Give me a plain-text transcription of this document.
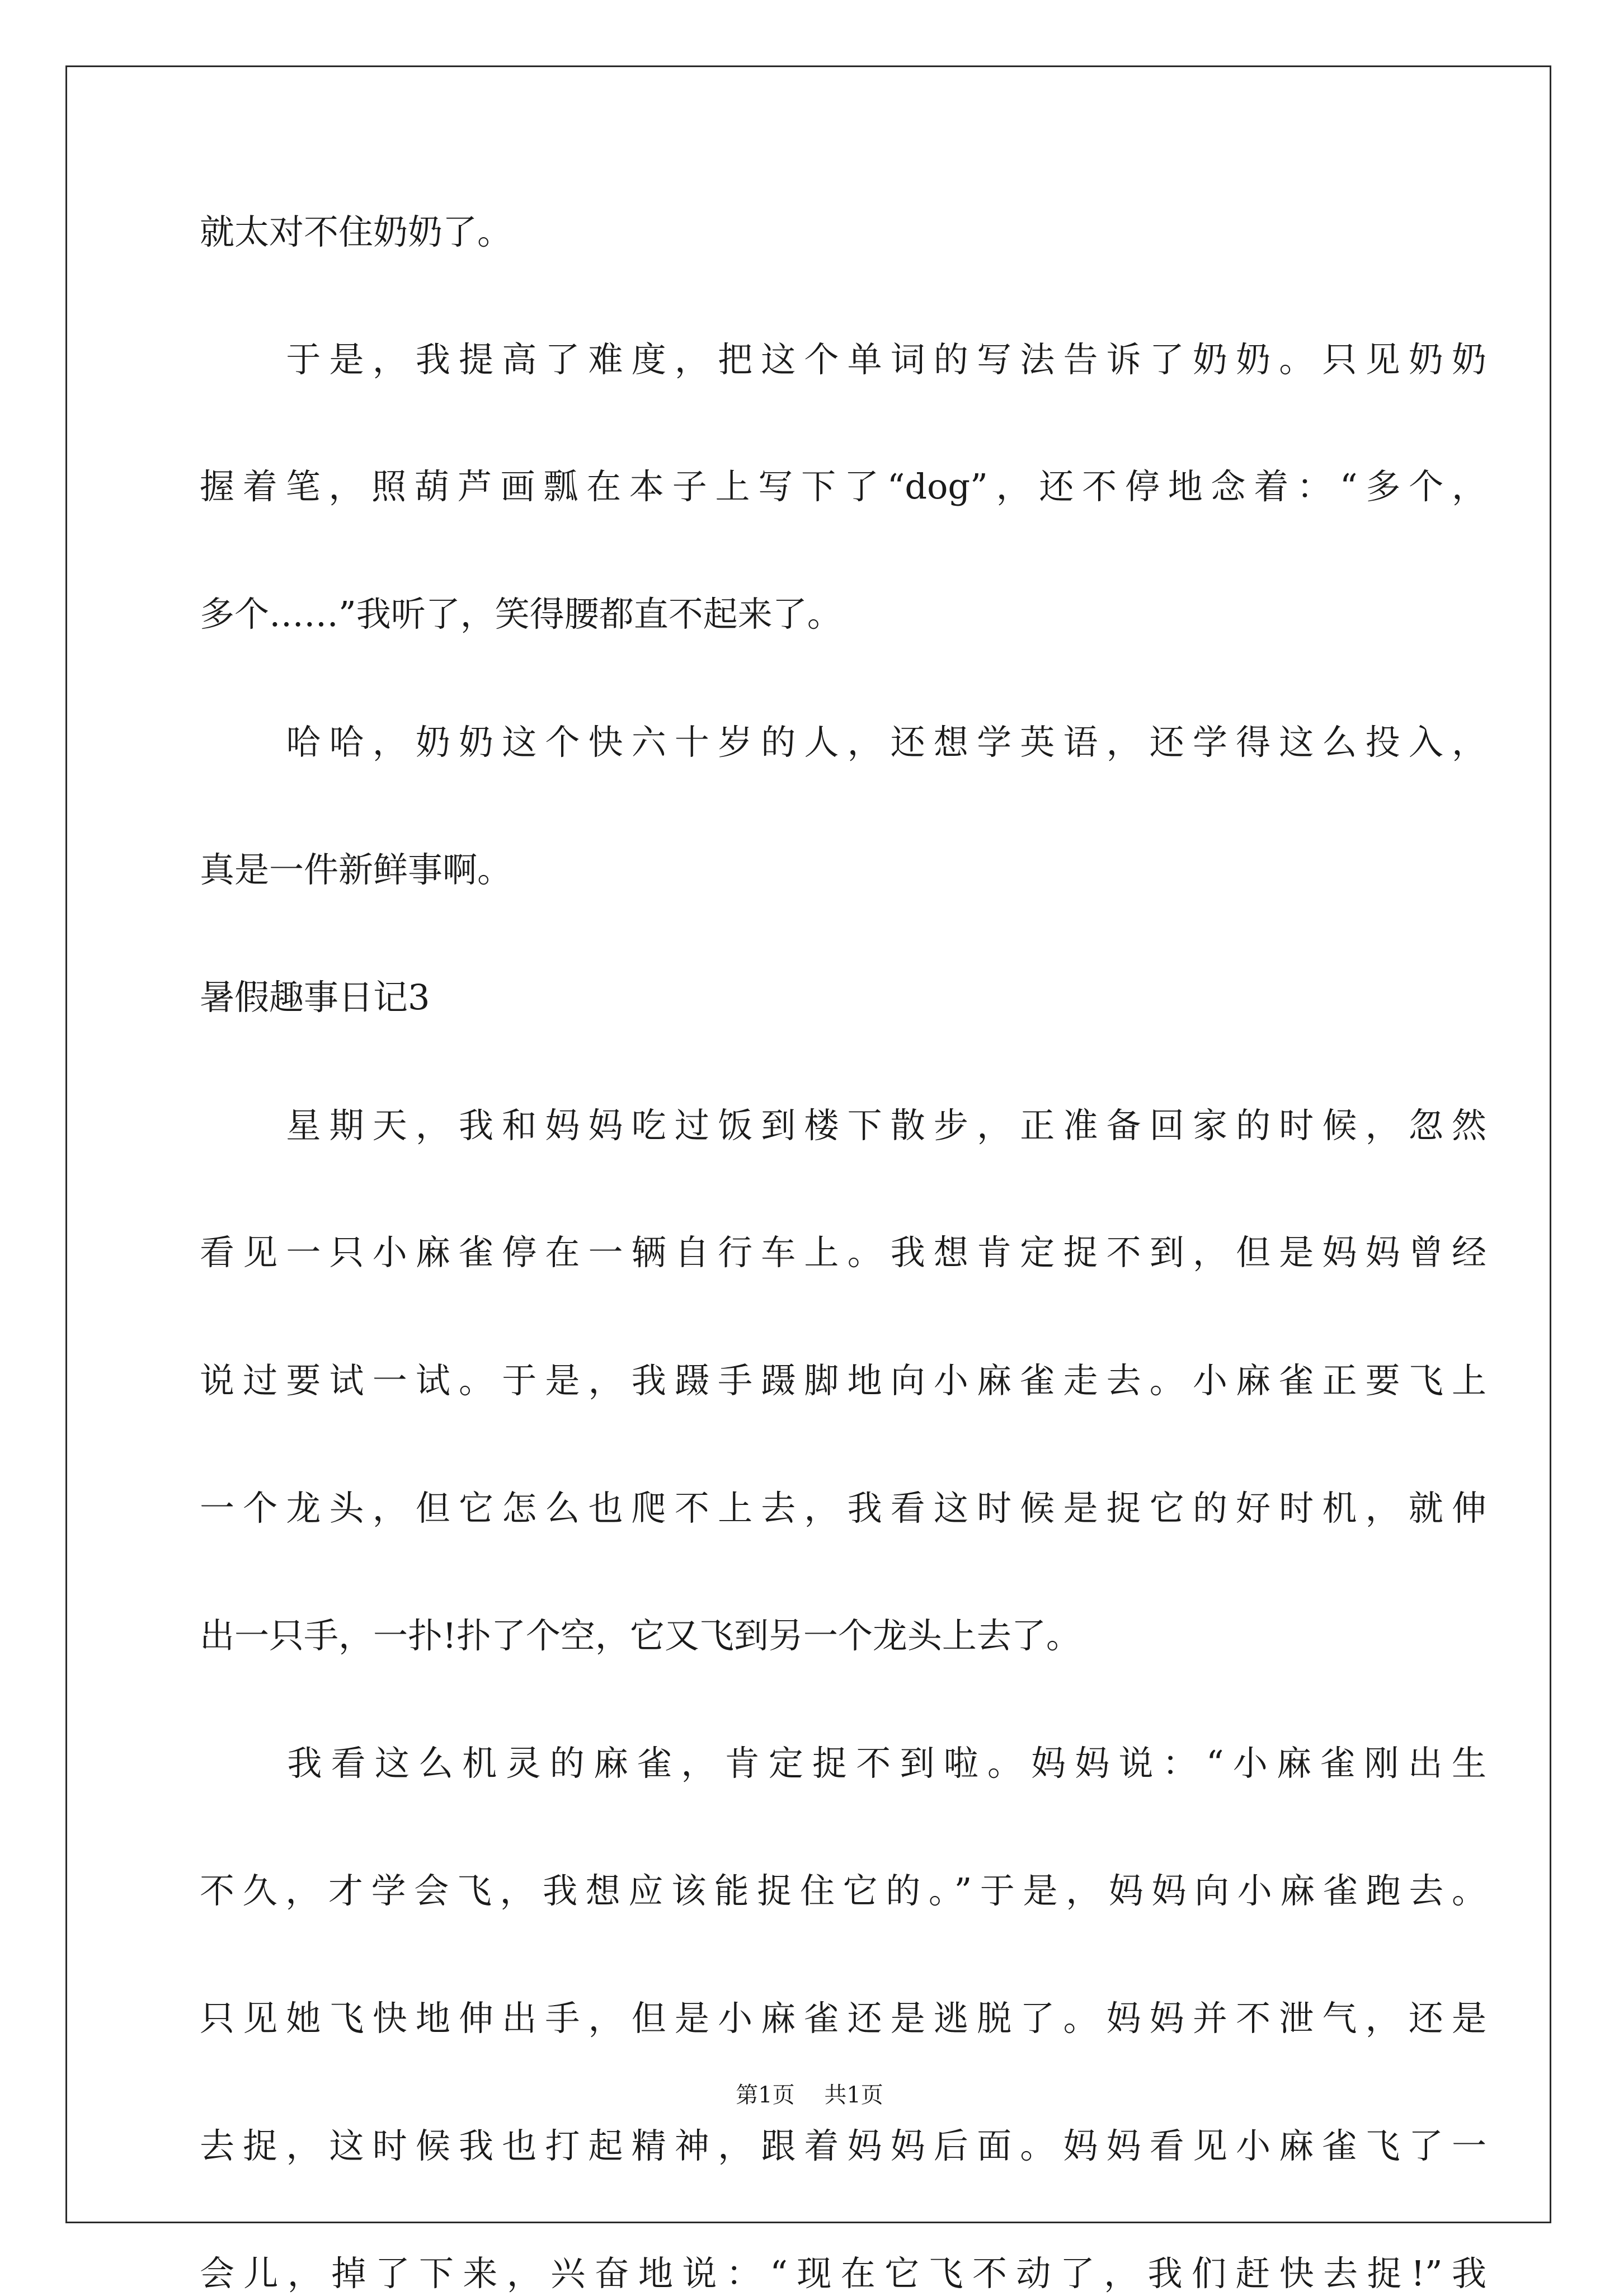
就太对不住奶奶了。
　　于是，我提高了难度，把这个单词的写法告诉了奶奶。只见奶奶
握着笔，照葫芦画瓢在本子上写下了“dog”，还不停地念着：“多个，
多个……”我听了，笑得腰都直不起来了。
　　哈哈，奶奶这个快六十岁的人，还想学英语，还学得这么投入，
真是一件新鲜事啊。
暑假趣事日记3
　　星期天，我和妈妈吃过饭到楼下散步，正准备回家的时候，忽然
看见一只小麻雀停在一辆自行车上。我想肯定捉不到，但是妈妈曾经
说过要试一试。于是，我蹑手蹑脚地向小麻雀走去。小麻雀正要飞上
一个龙头，但它怎么也爬不上去，我看这时候是捉它的好时机，就伸
出一只手，一扑!扑了个空，它又飞到另一个龙头上去了。
　　我看这么机灵的麻雀，肯定捉不到啦。妈妈说：“小麻雀刚出生
不久，才学会飞，我想应该能捉住它的。”于是，妈妈向小麻雀跑去。
只见她飞快地伸出手，但是小麻雀还是逃脱了。妈妈并不泄气，还是
去捉，这时候我也打起精神，跟着妈妈后面。妈妈看见小麻雀飞了一
会儿，掉了下来，兴奋地说：“现在它飞不动了，我们赶快去捉!”我
第1页 共1页
